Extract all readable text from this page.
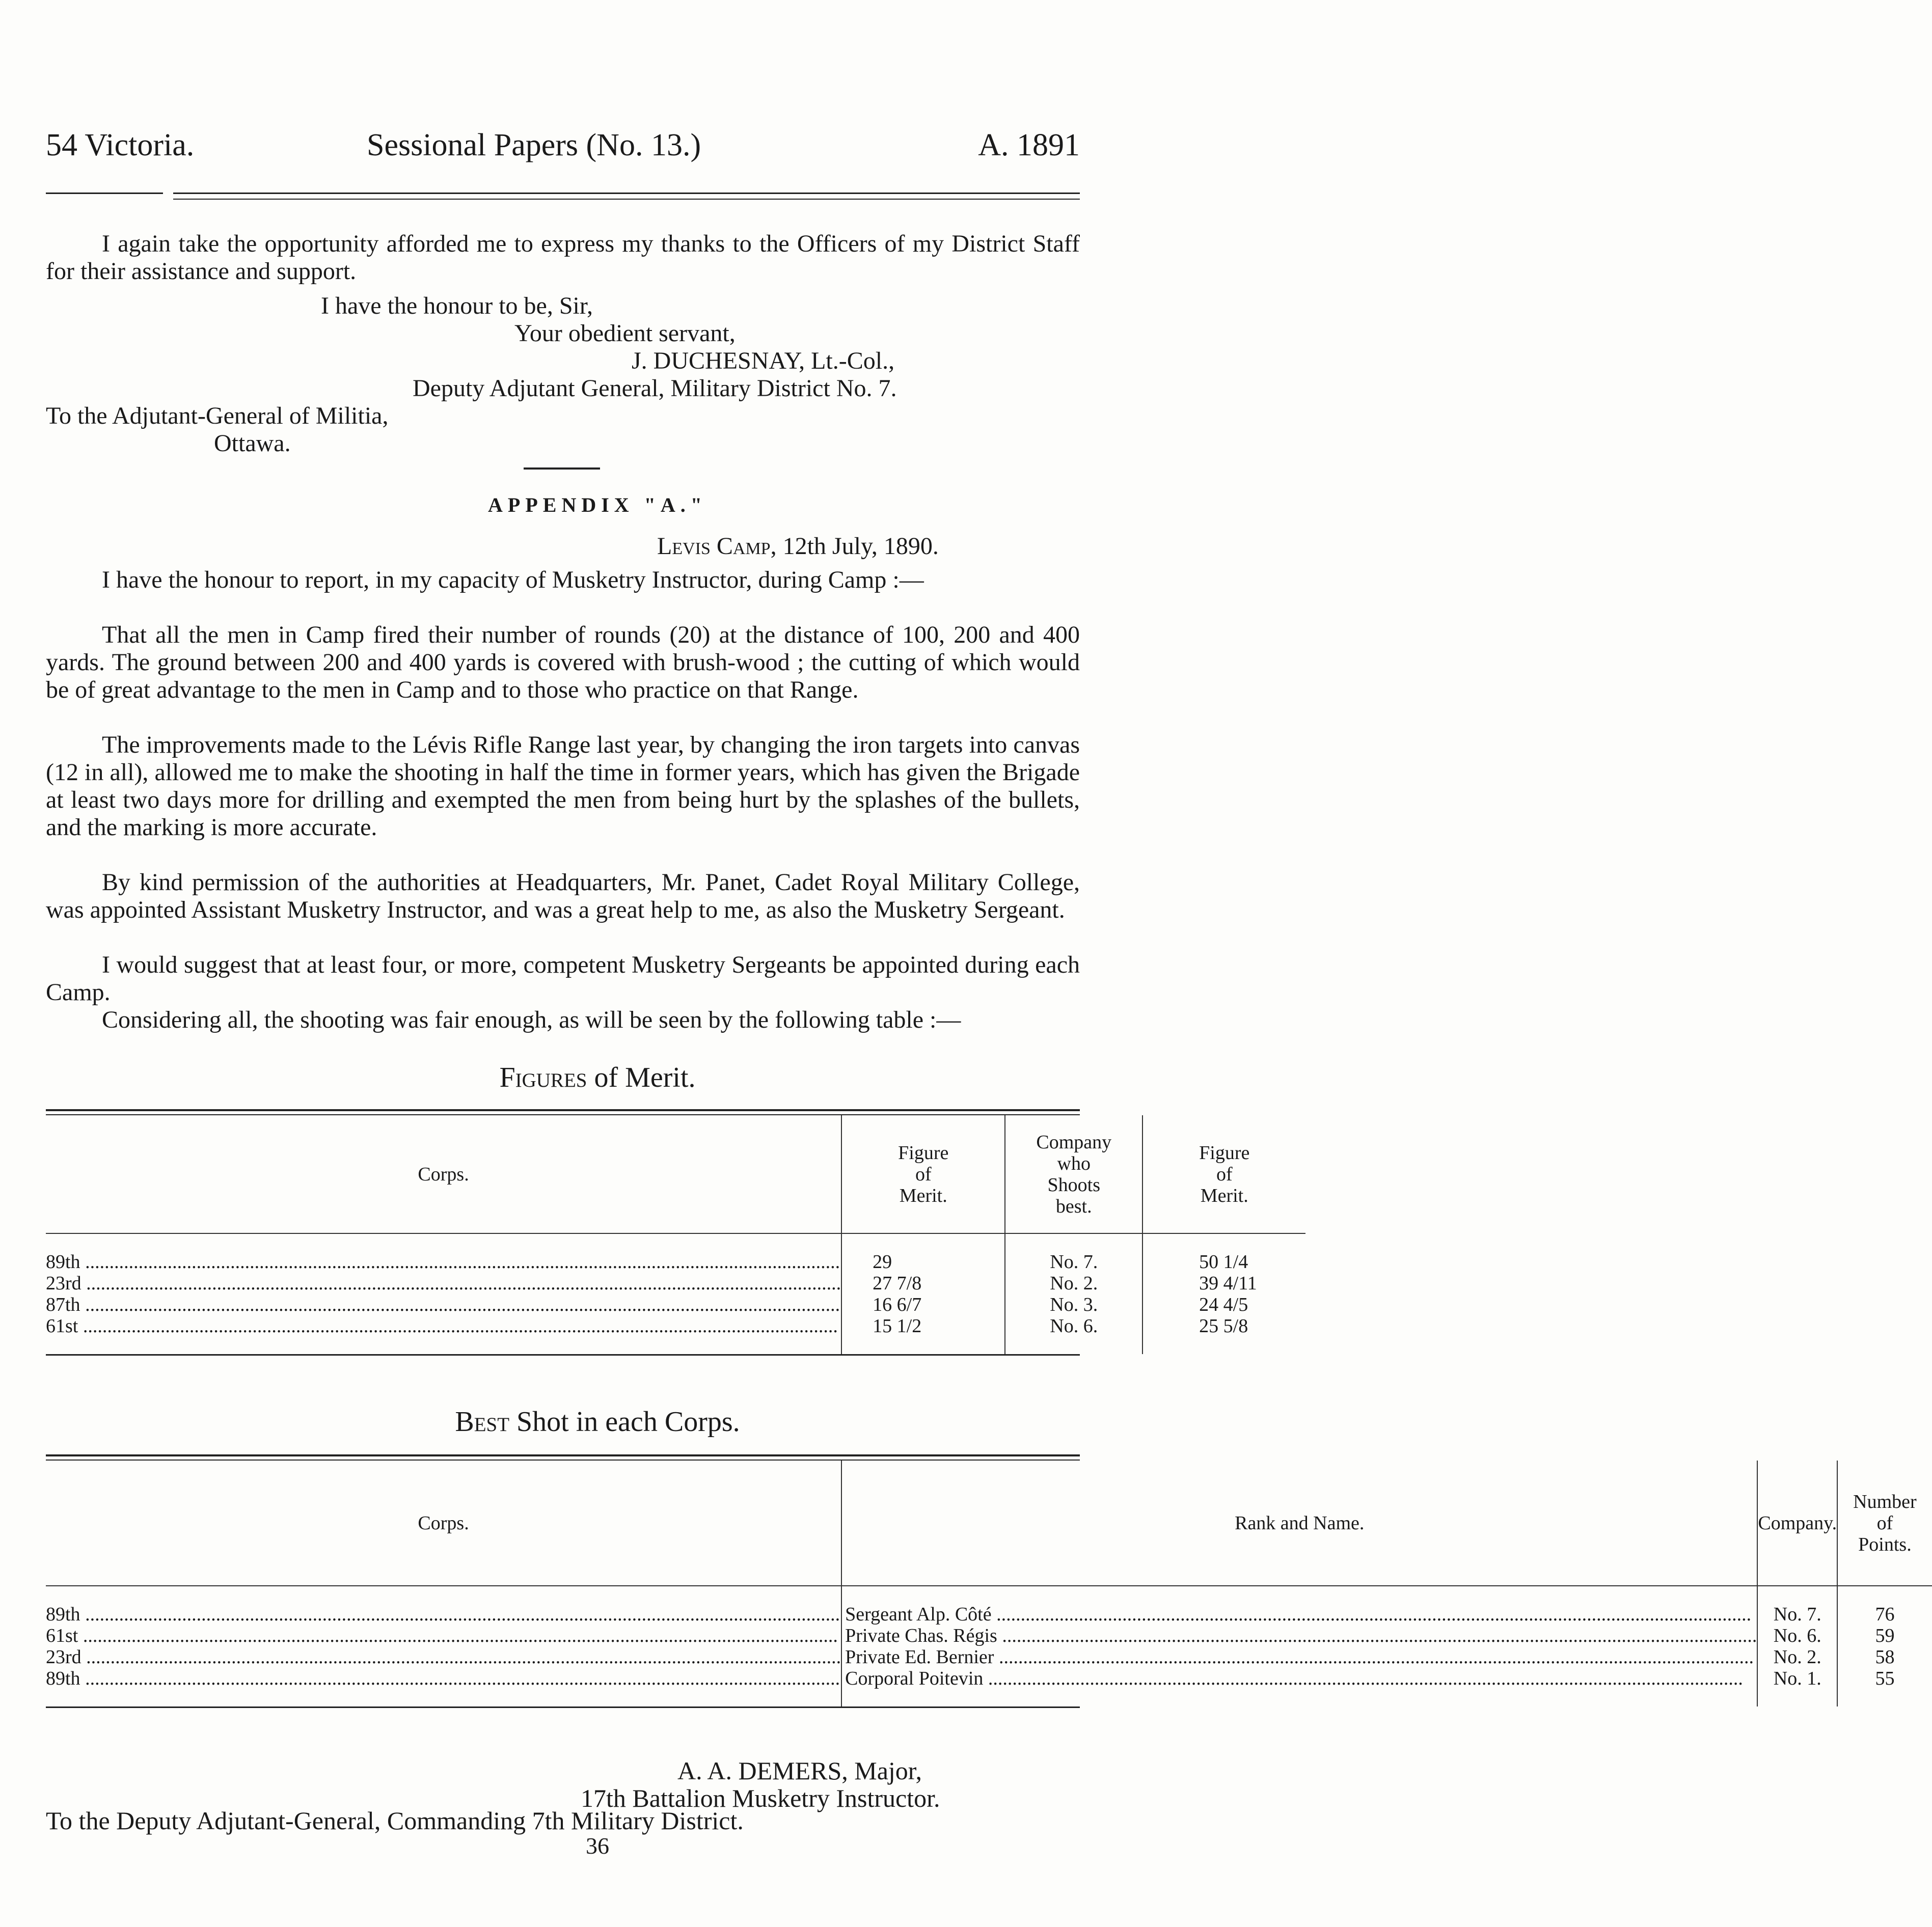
54 Victoria.	Sessional Papers (No. 13.)	A. 1891
I again take the opportunity afforded me to express my thanks to the Officers of my District Staff for their assistance and support.
I have the honour to be, Sir,
Your obedient servant,
J. DUCHESNAY, Lt.-Col.,
Deputy Adjutant General, Military District No. 7.
To the Adjutant-General of Militia,
Ottawa.
APPENDIX "A."
Levis Camp, 12th July, 1890.
I have the honour to report, in my capacity of Musketry Instructor, during Camp :—
That all the men in Camp fired their number of rounds (20) at the distance of 100, 200 and 400 yards. The ground between 200 and 400 yards is covered with brush-wood ; the cutting of which would be of great advantage to the men in Camp and to those who practice on that Range.
The improvements made to the Lévis Rifle Range last year, by changing the iron targets into canvas (12 in all), allowed me to make the shooting in half the time in former years, which has given the Brigade at least two days more for drilling and exempted the men from being hurt by the splashes of the bullets, and the marking is more accurate.
By kind permission of the authorities at Headquarters, Mr. Panet, Cadet Royal Military College, was appointed Assistant Musketry Instructor, and was a great help to me, as also the Musketry Sergeant.
I would suggest that at least four, or more, competent Musketry Sergeants be appointed during each Camp.
Considering all, the shooting was fair enough, as will be seen by the following table :—
Figures of Merit.
Corps.	Figure of Merit.	Company who Shoots best.	Figure of Merit.
89th .....	29	No. 7.	50 1/4
23rd .....	27 7/8	No. 2.	39 4/11
87th .....	16 6/7	No. 3.	24 4/5
61st .....	15 1/2	No. 6.	25 5/8
Best Shot in each Corps.
Corps.	Rank and Name.	Company.	Number of Points.
89th .....	Sergeant Alp. Côté .....	No. 7.	76
61st .....	Private Chas. Régis .....	No. 6.	59
23rd .....	Private Ed. Bernier .....	No. 2.	58
89th .....	Corporal Poitevin .....	No. 1.	55
A. A. DEMERS, Major,
17th Battalion Musketry Instructor.
To the Deputy Adjutant-General, Commanding 7th Military District.
36
